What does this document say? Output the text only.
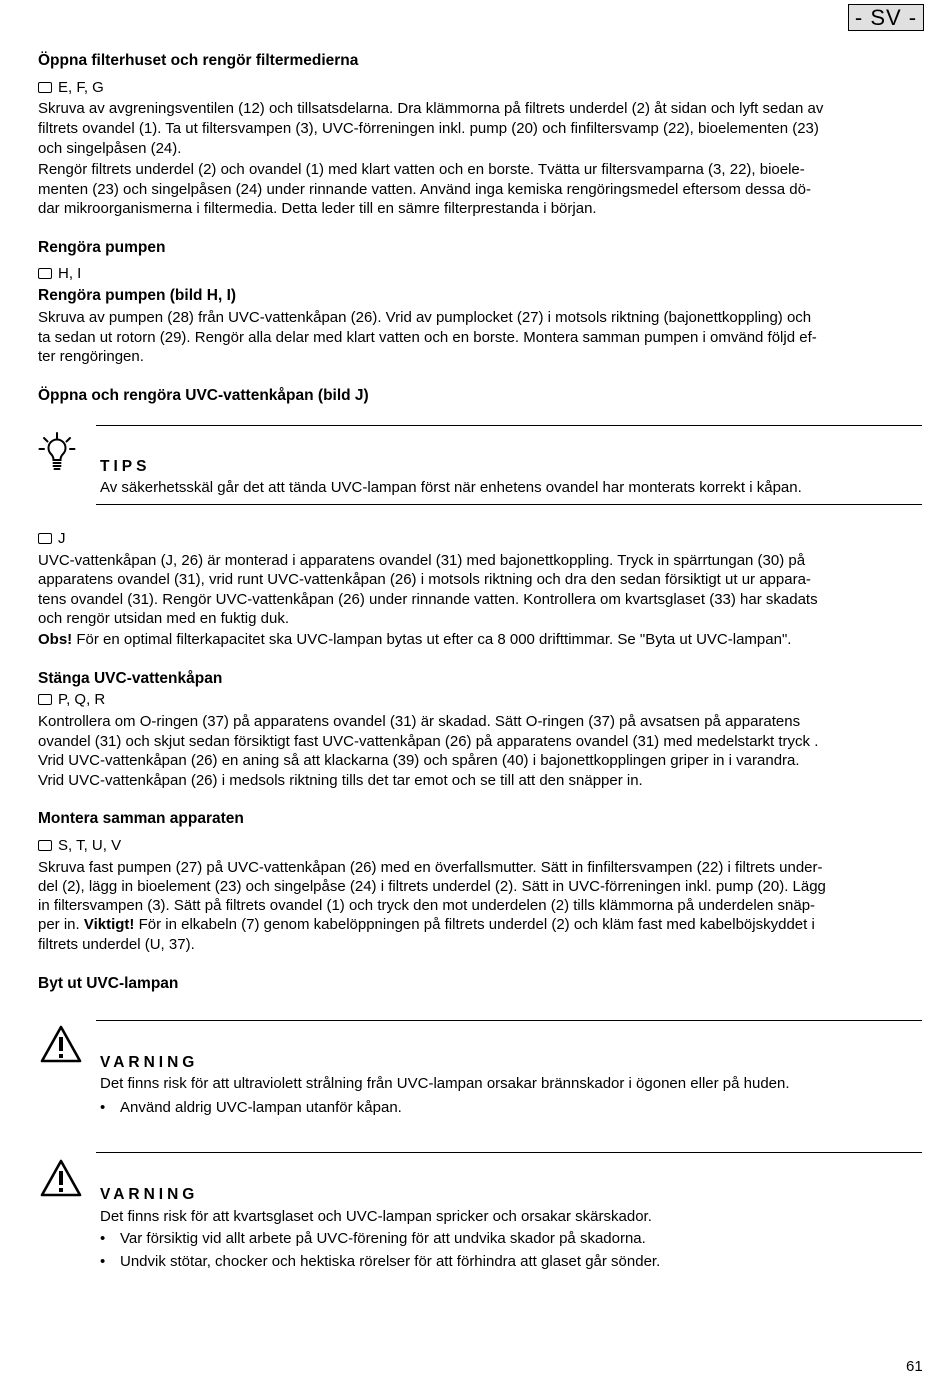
- SV -
Öppna filterhuset och rengör filtermedierna
E, F, G

Skruva av avgreningsventilen (12) och tillsatsdelarna. Dra klämmorna på filtrets underdel (2) åt sidan och lyft sedan av

filtrets ovandel (1). Ta ut filtersvampen (3), UVC-förreningen inkl. pump (20) och finfiltersvamp (22), bioelementen (23)

och singelpåsen (24).

Rengör filtrets underdel (2) och ovandel (1) med klart vatten och en borste. Tvätta ur filtersvamparna (3, 22), bioele-

menten (23) och singelpåsen (24) under rinnande vatten. Använd inga kemiska rengöringsmedel eftersom dessa dö-

dar mikroorganismerna i filtermedia. Detta leder till en sämre filterprestanda i början.

Rengöra pumpen
H, I
Rengöra pumpen (bild H, I)

Skruva av pumpen (28) från UVC-vattenkåpan (26). Vrid av pumplocket (27) i motsols riktning (bajonettkoppling) och

ta sedan ut rotorn (29). Rengör alla delar med klart vatten och en borste. Montera samman pumpen i omvänd följd ef-

ter rengöringen.

Öppna och rengöra UVC-vattenkåpan (bild J)
TIPS
Av säkerhetsskäl går det att tända UVC-lampan först när enhetens ovandel har monterats korrekt i kåpan.
J

UVC-vattenkåpan (J, 26) är monterad i apparatens ovandel (31) med bajonettkoppling. Tryck in spärrtungan (30) på

apparatens ovandel (31), vrid runt UVC-vattenkåpan (26) i motsols riktning och dra den sedan försiktigt ut ur appara-

tens ovandel (31). Rengör UVC-vattenkåpan (26) under rinnande vatten. Kontrollera om kvartsglaset (33) har skadats

och rengör utsidan med en fuktig duk.

Obs! För en optimal filterkapacitet ska UVC-lampan bytas ut efter ca 8 000 drifttimmar. Se "Byta ut UVC-lampan".

Stänga UVC-vattenkåpan
P, Q, R

Kontrollera om O-ringen (37) på apparatens ovandel (31) är skadad. Sätt O-ringen (37) på avsatsen på apparatens

ovandel (31) och skjut sedan försiktigt fast UVC-vattenkåpan (26) på apparatens ovandel (31) med medelstarkt tryck .

Vrid UVC-vattenkåpan (26) en aning så att klackarna (39) och spåren (40) i bajonettkopplingen griper in i varandra.

Vrid UVC-vattenkåpan (26) i medsols riktning tills det tar emot och se till att den snäpper in.

Montera samman apparaten
S, T, U, V

Skruva fast pumpen (27) på UVC-vattenkåpan (26) med en överfallsmutter. Sätt in finfiltersvampen (22) i filtrets under-

del (2), lägg in bioelement (23) och singelpåse (24) i filtrets underdel (2). Sätt in UVC-förreningen inkl. pump (20). Lägg

in filtersvampen (3). Sätt på filtrets ovandel (1) och tryck den mot underdelen (2) tills klämmorna på underdelen snäp-

per in. Viktigt! För in elkabeln (7) genom kabelöppningen på filtrets underdel (2) och kläm fast med kabelböjskyddet i

filtrets underdel (U, 37).

Byt ut UVC-lampan
VARNING
Det finns risk för att ultraviolett strålning från UVC-lampan orsakar brännskador i ögonen eller på huden.
• Använd aldrig UVC-lampan utanför kåpan.
VARNING
Det finns risk för att kvartsglaset och UVC-lampan spricker och orsakar skärskador.
• Var försiktig vid allt arbete på UVC-förening för att undvika skador på skadorna.
• Undvik stötar, chocker och hektiska rörelser för att förhindra att glaset går sönder.
61
